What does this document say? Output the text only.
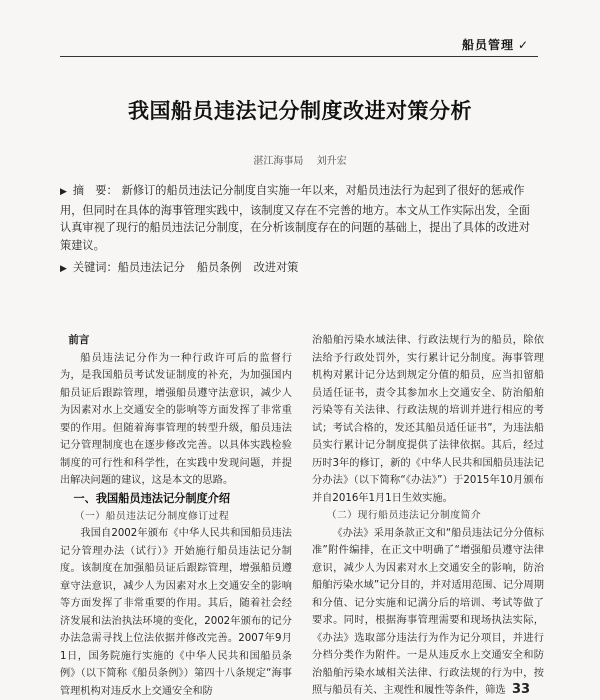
船员管理 ✓
我国船员违法记分制度改进对策分析
湛江海事局 刘升宏

▶ 摘　要： 新修订的船员违法记分制度自实施一年以来，对船员违法行为起到了很好的惩戒作用，但同时在具体的海事管理实践中，该制度又存在不完善的地方。本文从工作实际出发，全面认真审视了现行的船员违法记分制度，在分析该制度存在的问题的基础上，提出了具体的改进对策建议。

▶ 关键词：船员违法记分 船员条例 改进对策
前言

船员违法记分作为一种行政许可后的监督行为，是我国船员考试发证制度的补充，为加强国内船员证后跟踪管理，增强船员遵守法意识，减少人为因素对水上交通安全的影响等方面发挥了非常重要的作用。但随着海事管理的转型升级，船员违法记分管理制度也在逐步修改完善。以具体实践检验制度的可行性和科学性，在实践中发现问题，并提出解决问题的建议，这是本文的思路。

一、我国船员违法记分制度介绍
（一）船员违法记分制度修订过程

我国自2002年颁布《中华人民共和国船员违法记分管理办法（试行）》开始施行船员违法记分制度。该制度在加强船员证后跟踪管理，增强船员遵章守法意识，减少人为因素对水上交通安全的影响等方面发挥了非常重要的作用。其后，随着社会经济发展和法治执法环境的变化，2002年颁布的记分办法急需寻找上位法依据并修改完善。2007年9月1日，国务院施行实施的《中华人民共和国船员条例》（以下简称《船员条例》）第四十八条规定“海事管理机构对违反水上交通安全和防

治船舶污染水域法律、行政法规行为的船员，除依法给予行政处罚外，实行累计记分制度。海事管理机构对累计记分达到规定分值的船员，应当扣留船员适任证书，责令其参加水上交通安全、防治船舶污染等有关法律、行政法规的培训并进行相应的考试；考试合格的，发还其船员适任证书”，为违法船员实行累计记分制度提供了法律依据。其后，经过历时3年的修订，新的《中华人民共和国船员违法记分办法》（以下简称“《办法》”）于2015年10月颁布并自2016年1月1日生效实施。

（二）现行船员违法记分制度简介

《办法》采用条款正文和“船员违法记分分值标准”附件编排，在正文中明确了“增强船员遵守法律意识，减少人为因素对水上交通安全的影响，防治船舶污染水域”记分目的，并对适用范围、记分周期和分值、记分实施和记满分后的培训、考试等做了要求。同时，根据海事管理需要和现场执法实际，《办法》选取部分违法行为作为记分项目，并进行分档分类作为附件。一是从违反水上交通安全和防治船舶污染水域相关法律、行政法规的行为中，按照与船员有关、主观性和履性等条件，筛选 33
